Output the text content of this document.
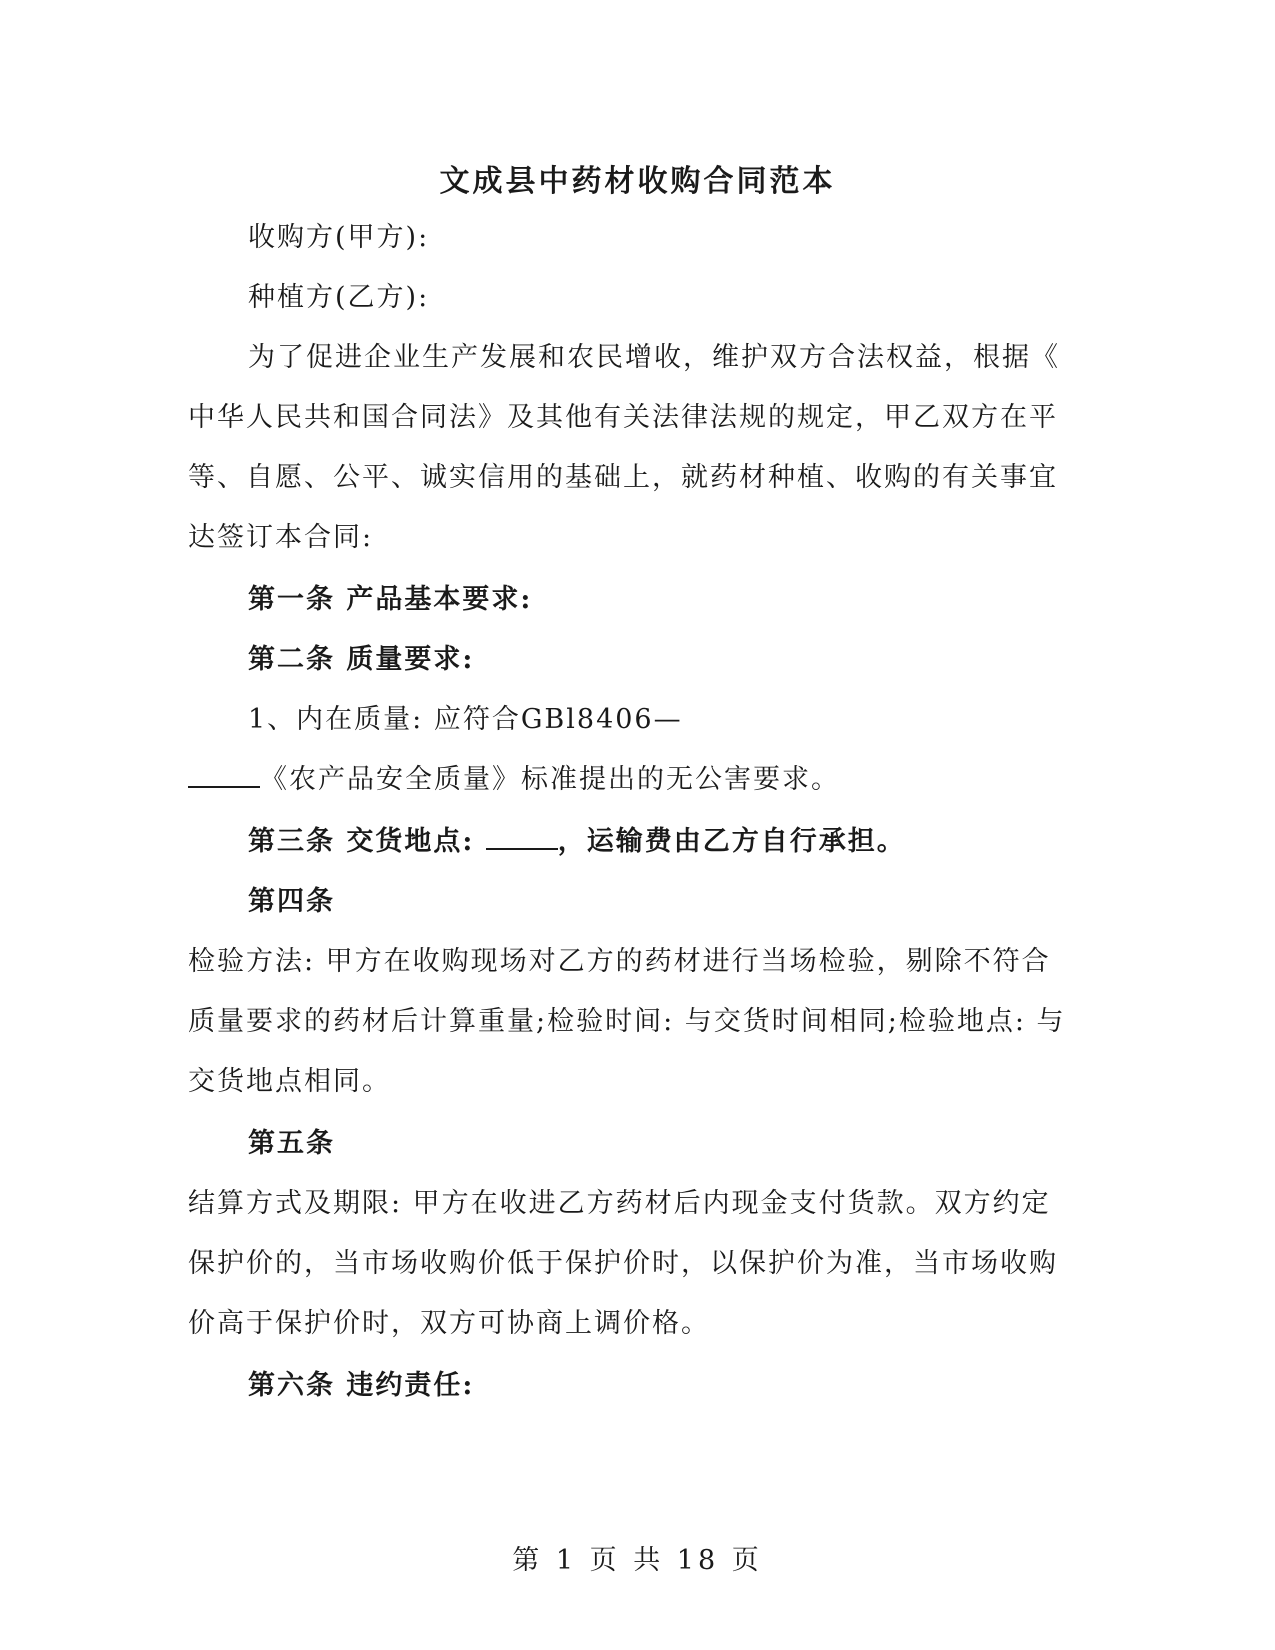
文成县中药材收购合同范本
收购方(甲方):
种植方(乙方):
为了促进企业生产发展和农民增收，维护双方合法权益，根据《
中华人民共和国合同法》及其他有关法律法规的规定，甲乙双方在平
等、自愿、公平、诚实信用的基础上，就药材种植、收购的有关事宜
达签订本合同:
第一条 产品基本要求:
第二条 质量要求:
1、内在质量: 应符合GBl8406—
《农产品安全质量》标准提出的无公害要求。
第三条 交货地点:	，运输费由乙方自行承担。
第四条
检验方法: 甲方在收购现场对乙方的药材进行当场检验，剔除不符合
质量要求的药材后计算重量;检验时间: 与交货时间相同;检验地点: 与
交货地点相同。
第五条
结算方式及期限: 甲方在收进乙方药材后内现金支付货款。双方约定
保护价的，当市场收购价低于保护价时，以保护价为准，当市场收购
价高于保护价时，双方可协商上调价格。
第六条 违约责任:
第 1 页 共 18 页
